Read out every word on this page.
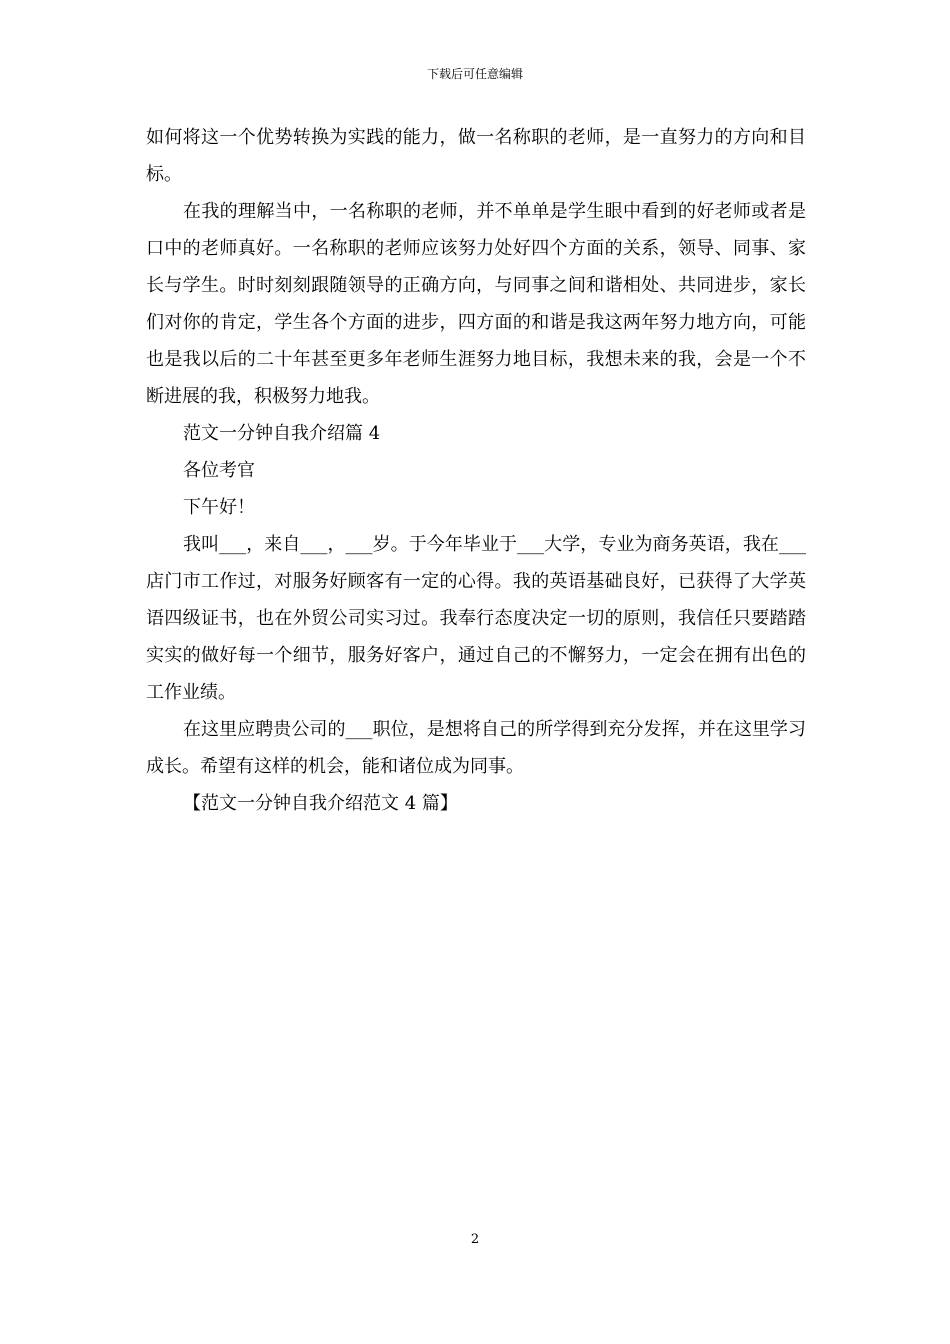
下载后可任意编辑

如何将这一个优势转换为实践的能力，做一名称职的老师，是一直努力的方向和目标。

在我的理解当中，一名称职的老师，并不单单是学生眼中看到的好老师或者是口中的老师真好。一名称职的老师应该努力处好四个方面的关系，领导、同事、家长与学生。时时刻刻跟随领导的正确方向，与同事之间和谐相处、共同进步，家长们对你的肯定，学生各个方面的进步，四方面的和谐是我这两年努力地方向，可能也是我以后的二十年甚至更多年老师生涯努力地目标，我想未来的我，会是一个不断进展的我，积极努力地我。

范文一分钟自我介绍篇 4

各位考官

下午好！

我叫___，来自___，___岁。于今年毕业于___大学，专业为商务英语，我在___店门市工作过，对服务好顾客有一定的心得。我的英语基础良好，已获得了大学英语四级证书，也在外贸公司实习过。我奉行态度决定一切的原则，我信任只要踏踏实实的做好每一个细节，服务好客户，通过自己的不懈努力，一定会在拥有出色的工作业绩。

在这里应聘贵公司的___职位，是想将自己的所学得到充分发挥，并在这里学习成长。希望有这样的机会，能和诸位成为同事。

【范文一分钟自我介绍范文 4 篇】

2
